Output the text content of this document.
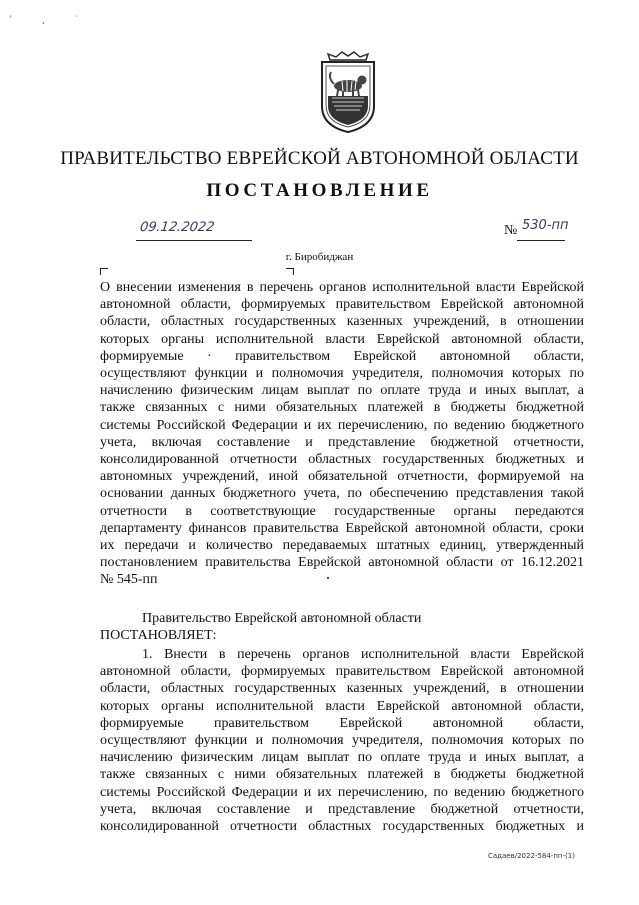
' ¸ ˙
ПРАВИТЕЛЬСТВО ЕВРЕЙСКОЙ АВТОНОМНОЙ ОБЛАСТИ
ПОСТАНОВЛЕНИЕ
09.12.2022	№ 530-пп
г. Биробиджан
О внесении изменения в перечень органов исполнительной власти Еврейской
автономной области, формируемых правительством Еврейской автономной
области, областных государственных казенных учреждений, в отношении
которых органы исполнительной власти Еврейской автономной области,
формируемые · правительством Еврейской автономной области,
осуществляют функции и полномочия учредителя, полномочия которых по
начислению физическим лицам выплат по оплате труда и иных выплат, а
также связанных с ними обязательных платежей в бюджеты бюджетной
системы Российской Федерации и их перечислению, по ведению бюджетного
учета, включая составление и представление бюджетной отчетности,
консолидированной отчетности областных государственных бюджетных и
автономных учреждений, иной обязательной отчетности, формируемой на
основании данных бюджетного учета, по обеспечению представления такой
отчетности в соответствующие государственные органы передаются
департаменту финансов правительства Еврейской автономной области, сроки
их передачи и количество передаваемых штатных единиц, утвержденный
постановлением правительства Еврейской автономной области от 16.12.2021
№ 545-пп
Правительство Еврейской автономной области
ПОСТАНОВЛЯЕТ:
1. Внести в перечень органов исполнительной власти Еврейской
автономной области, формируемых правительством Еврейской автономной
области, областных государственных казенных учреждений, в отношении
которых органы исполнительной власти Еврейской автономной области,
формируемые правительством Еврейской автономной области,
осуществляют функции и полномочия учредителя, полномочия которых по
начислению физическим лицам выплат по оплате труда и иных выплат, а
также связанных с ними обязательных платежей в бюджеты бюджетной
системы Российской Федерации и их перечислению, по ведению бюджетного
учета, включая составление и представление бюджетной отчетности,
консолидированной отчетности областных государственных бюджетных и
Садаев/2022-584-пп-(1)
